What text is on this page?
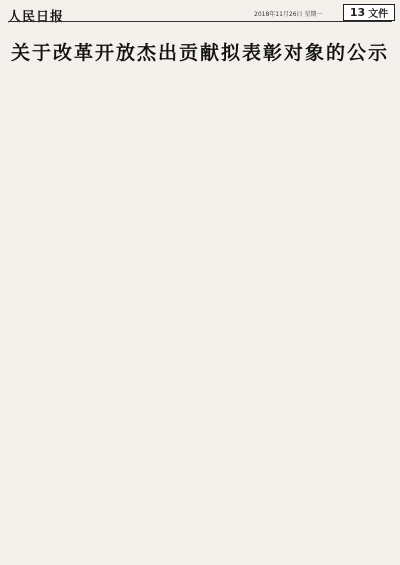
人民日报	2018年11月26日 星期一 13 文件
关于改革开放杰出贡献拟表彰对象的公示
